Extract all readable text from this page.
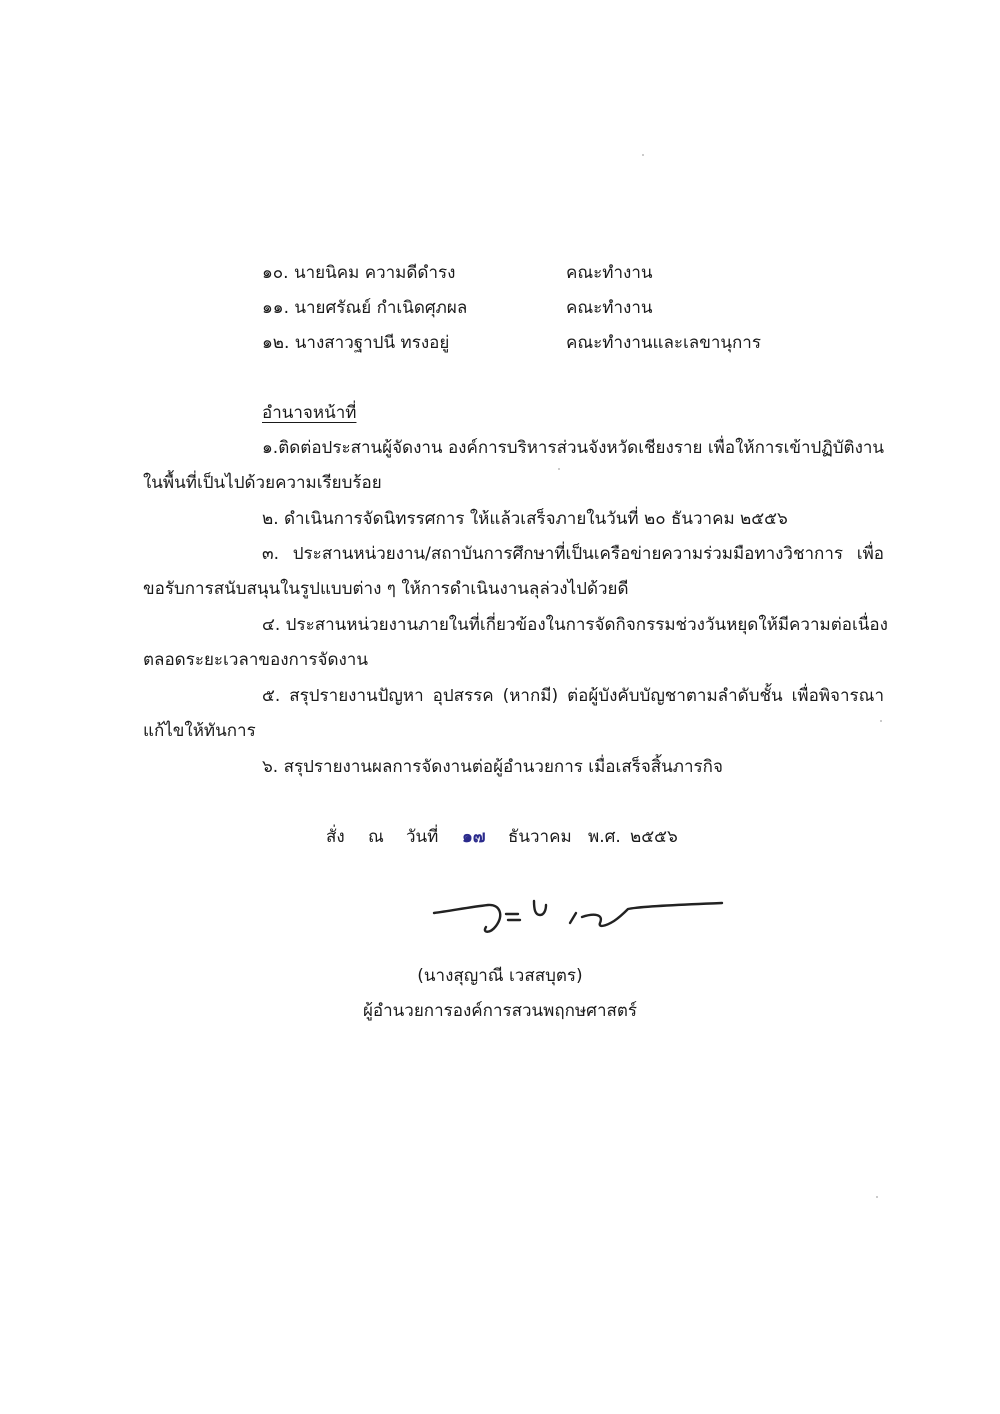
๑๐. นายนิคม ความดีดำรง	คณะทำงาน
๑๑. นายศรัณย์ กำเนิดศุภผล	คณะทำงาน
๑๒. นางสาวฐาปนี ทรงอยู่	คณะทำงานและเลขานุการ
อำนาจหน้าที่
๑.ติดต่อประสานผู้จัดงาน องค์การบริหารส่วนจังหวัดเชียงราย เพื่อให้การเข้าปฏิบัติงาน
ในพื้นที่เป็นไปด้วยความเรียบร้อย
๒. ดำเนินการจัดนิทรรศการ ให้แล้วเสร็จภายในวันที่ ๒๐ ธันวาคม ๒๕๕๖
๓. ประสานหน่วยงาน/สถาบันการศึกษาที่เป็นเครือข่ายความร่วมมือทางวิชาการ เพื่อ
ขอรับการสนับสนุนในรูปแบบต่าง ๆ ให้การดำเนินงานลุล่วงไปด้วยดี
๔. ประสานหน่วยงานภายในที่เกี่ยวข้องในการจัดกิจกรรมช่วงวันหยุดให้มีความต่อเนื่อง
ตลอดระยะเวลาของการจัดงาน
๕. สรุปรายงานปัญหา อุปสรรค (หากมี) ต่อผู้บังคับบัญชาตามลำดับชั้น เพื่อพิจารณา
แก้ไขให้ทันการ
๖. สรุปรายงานผลการจัดงานต่อผู้อำนวยการ เมื่อเสร็จสิ้นภารกิจ
สั่ง ณ วันที่ ๑๗ ธันวาคม พ.ศ. ๒๕๕๖
(นางสุญาณี เวสสบุตร)
ผู้อำนวยการองค์การสวนพฤกษศาสตร์
